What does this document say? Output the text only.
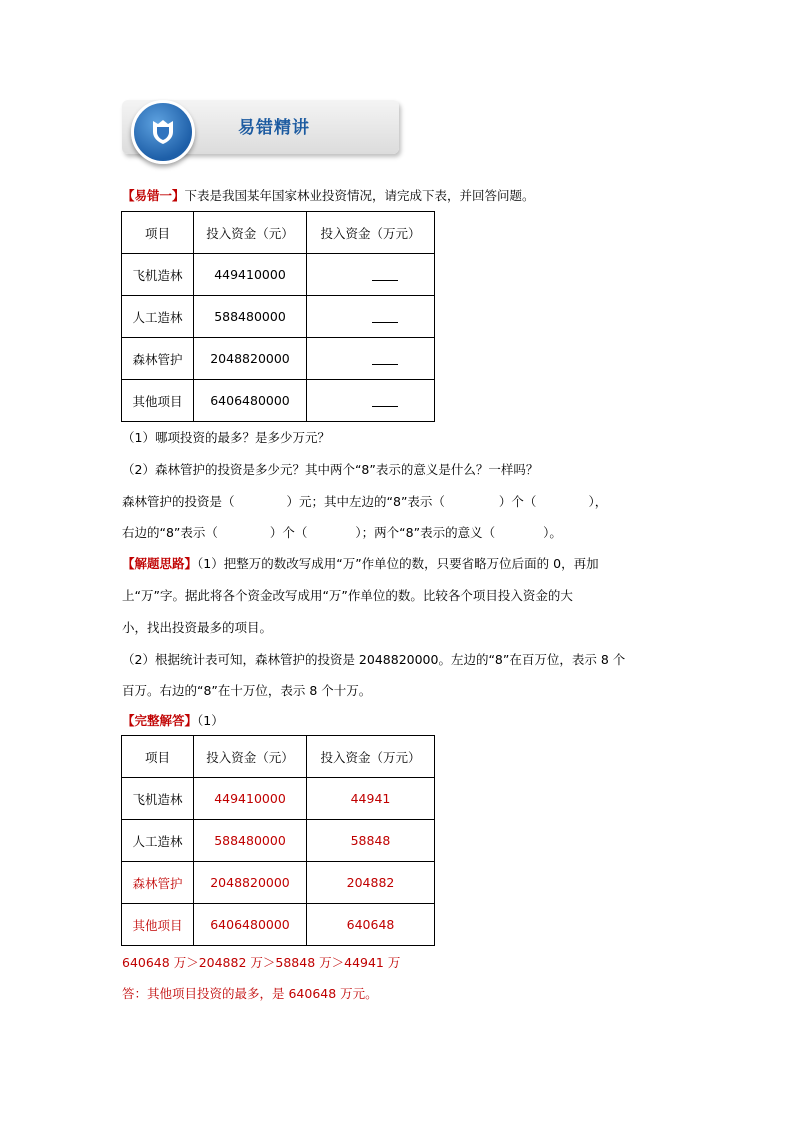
易错精讲
【易错一】下表是我国某年国家林业投资情况，请完成下表，并回答问题。
项目	投入资金（元）	投入资金（万元）
飞机造林	449410000	
人工造林	588480000	
森林管护	2048820000	
其他项目	6406480000	
（1）哪项投资的最多？是多少万元？
（2）森林管护的投资是多少元？其中两个“8”表示的意义是什么？一样吗？
森林管护的投资是（	）元；其中左边的“8”表示（	）个（	），
右边的“8”表示（	）个（	）；两个“8”表示的意义（	）。
【解题思路】（1）把整万的数改写成用“万”作单位的数，只要省略万位后面的 0，再加
上“万”字。据此将各个资金改写成用“万”作单位的数。比较各个项目投入资金的大
小，找出投资最多的项目。
（2）根据统计表可知，森林管护的投资是 2048820000。左边的“8”在百万位，表示 8 个
百万。右边的“8”在十万位，表示 8 个十万。
【完整解答】（1）
项目	投入资金（元）	投入资金（万元）
飞机造林	449410000	44941
人工造林	588480000	58848
森林管护	2048820000	204882
其他项目	6406480000	640648
640648 万＞204882 万＞58848 万＞44941 万
答：其他项目投资的最多，是 640648 万元。
